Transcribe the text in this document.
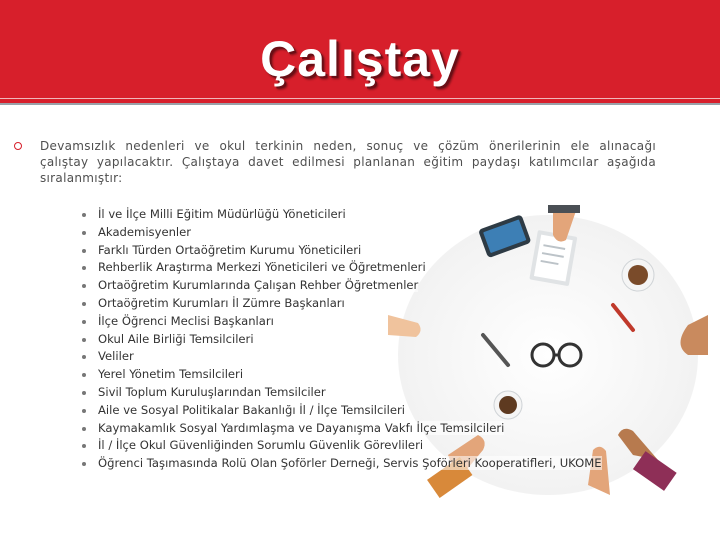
Çalıştay
Devamsızlık nedenleri ve okul terkinin neden, sonuç ve çözüm önerilerinin ele alınacağı çalıştay yapılacaktır. Çalıştaya davet edilmesi planlanan eğitim paydaşı katılımcılar aşağıda sıralanmıştır:
İl ve İlçe Milli Eğitim Müdürlüğü Yöneticileri
Akademisyenler
Farklı Türden Ortaöğretim Kurumu Yöneticileri
Rehberlik Araştırma Merkezi Yöneticileri ve Öğretmenleri
Ortaöğretim Kurumlarında Çalışan Rehber Öğretmenler
Ortaöğretim Kurumları İl Zümre Başkanları
İlçe Öğrenci Meclisi Başkanları
Okul Aile Birliği Temsilcileri
Veliler
Yerel Yönetim Temsilcileri
Sivil Toplum Kuruluşlarından Temsilciler
Aile ve Sosyal Politikalar Bakanlığı İl / İlçe Temsilcileri
Kaymakamlık Sosyal Yardımlaşma ve Dayanışma Vakfı İlçe Temsilcileri
İl / İlçe Okul Güvenliğinden Sorumlu Güvenlik Görevlileri
Öğrenci Taşımasında Rolü Olan Şoförler Derneği, Servis Şoförleri Kooperatifleri, UKOME
